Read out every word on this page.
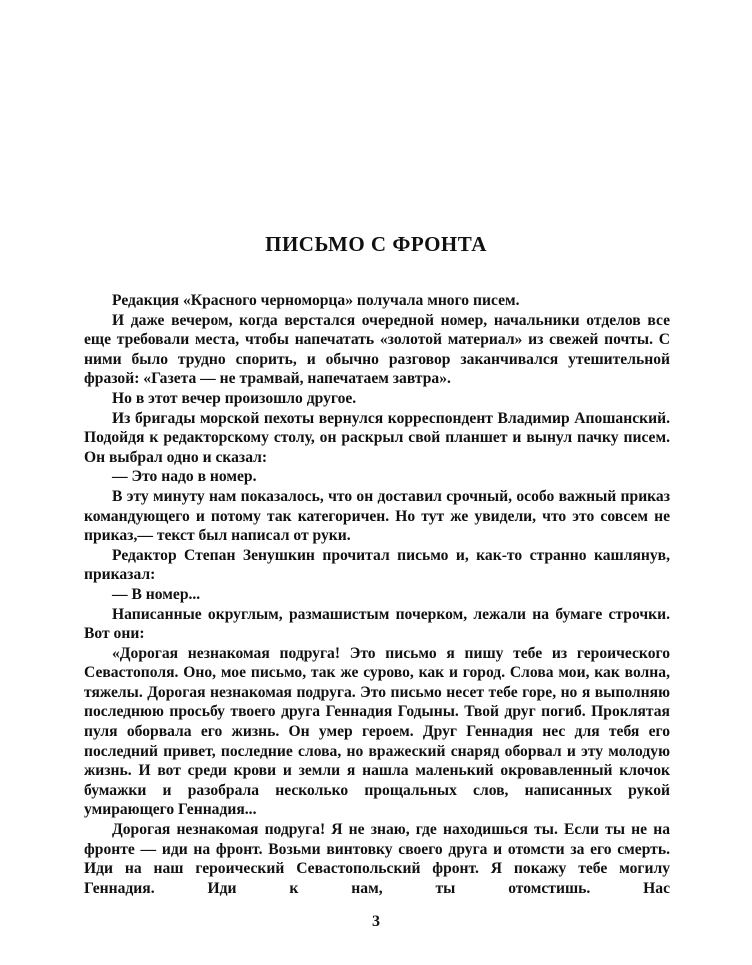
ПИСЬМО С ФРОНТА

Редакция «Красного черноморца» получала много писем.

И даже вечером, когда верстался очередной номер, начальники отделов все еще требовали места, чтобы напечатать «золотой материал» из свежей почты. С ними было трудно спорить, и обычно разговор заканчивался утешительной фразой: «Газета — не трамвай, напечатаем завтра».

Но в этот вечер произошло другое.

Из бригады морской пехоты вернулся корреспондент Владимир Апошанский. Подойдя к редакторскому столу, он раскрыл свой планшет и вынул пачку писем. Он выбрал одно и сказал:

— Это надо в номер.

В эту минуту нам показалось, что он доставил срочный, особо важный приказ командующего и потому так категоричен. Но тут же увидели, что это совсем не приказ,— текст был написал от руки.

Редактор Степан Зенушкин прочитал письмо и, как-то странно кашлянув, приказал:

— В номер...

Написанные округлым, размашистым почерком, лежали на бумаге строчки. Вот они:

«Дорогая незнакомая подруга! Это письмо я пишу тебе из героического Севастополя. Оно, мое письмо, так же сурово, как и город. Слова мои, как волна, тяжелы. Дорогая незнакомая подруга. Это письмо несет тебе горе, но я выполняю последнюю просьбу твоего друга Геннадия Годыны. Твой друг погиб. Проклятая пуля оборвала его жизнь. Он умер героем. Друг Геннадия нес для тебя его последний привет, последние слова, но вражеский снаряд оборвал и эту молодую жизнь. И вот среди крови и земли я нашла маленький окровавленный клочок бумажки и разобрала несколько прощальных слов, написанных рукой умирающего Геннадия...

Дорогая незнакомая подруга! Я не знаю, где находишься ты. Если ты не на фронте — иди на фронт. Возьми винтовку своего друга и отомсти за его смерть. Иди на наш героический Севастопольский фронт. Я покажу тебе могилу Геннадия. Иди к нам, ты отомстишь. Нас

3
